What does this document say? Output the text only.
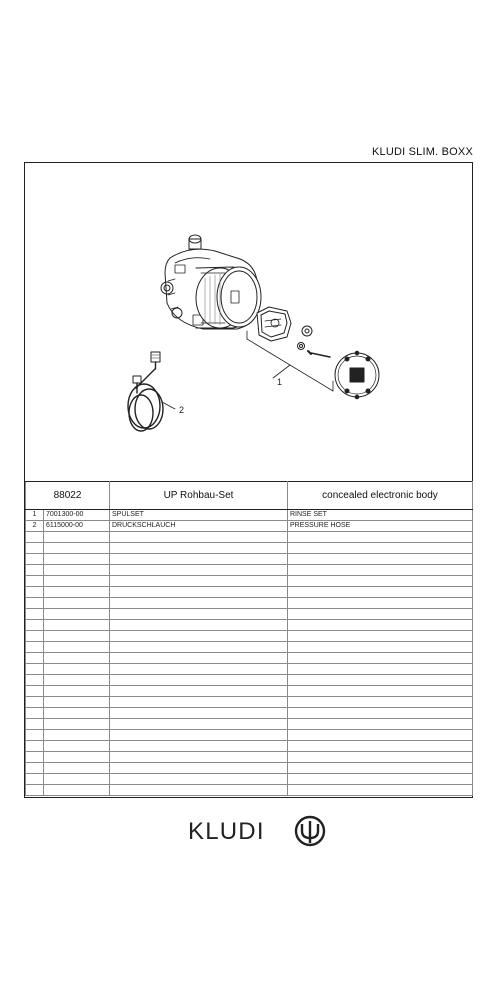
KLUDI SLIM. BOXX
1
2
88022		UP Rohbau-Set	concealed electronic body
1	7001300-00	SPÜLSET	RINSE SET
2	6115000-00	DRUCKSCHLAUCH	PRESSURE HOSE

KLUDI
